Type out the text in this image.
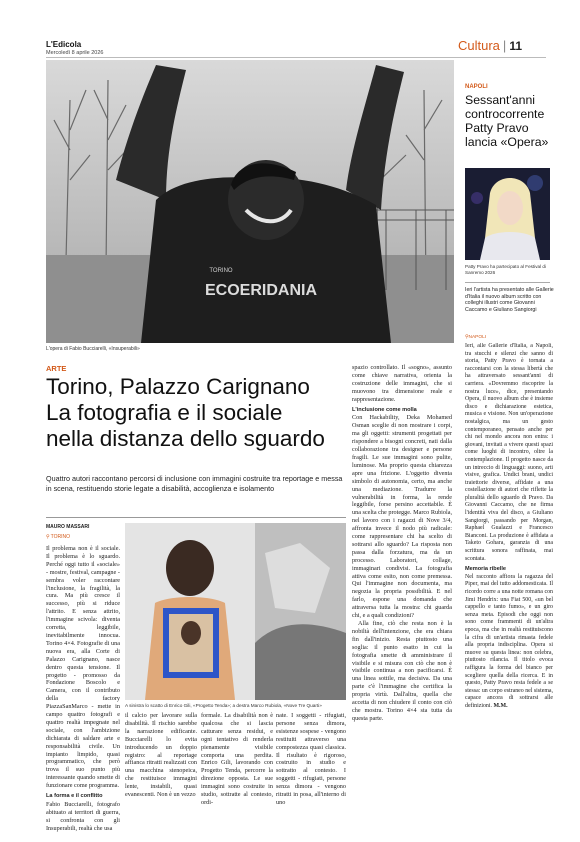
L'Edicola
Mercoledì 8 aprile 2026	Cultura | 11
ECOERIDANIA
TORINO
L'opera di Fabio Bucciarelli, «Insuperabili»
ARTE
Torino, Palazzo Carignano
La fotografia e il sociale
nella distanza dello sguardo
Quattro autori raccontano percorsi di inclusione con immagini costruite tra reportage e messa in scena, restituendo storie legate a disabilità, accoglienza e isolamento
MAURO MASSARI
⚲TORINO

Il problema non è il sociale. Il problema è lo sguardo. Perché oggi tutto il «sociale» - mostre, festival, campagne - sembra voler raccontare l'inclusione, la fragilità, la cura. Ma più cresce il successo, più si riduce l'attrito. E senza attrito, l'immagine scivola: diventa corretta, leggibile, inevitabilmente innocua. Torino 4×4. Fotografie di una nuova era, alla Corte di Palazzo Carignano, nasce dentro questa tensione. Il progetto - promosso da Fondazione Boscolo e Camera, con il contributo della factory PiazzaSanMarco - mette in campo quattro fotografi e quattro realtà impegnate nel sociale, con l'ambizione dichiarata di saldare arte e responsabilità civile. Un impianto limpido, quasi programmatico, che però trova il suo punto più interessante quando smette di funzionare come programma.

La forma e il conflitto

Fabio Bucciarelli, fotografo abituato ai territori di guerra, si confronta con gli Insuperabili, realtà che usa

A sinistra lo scatto di Enrico Gili, «Progetto Tenda»; a destra Marco Rubiola, «Nove Tre Quarti»

il calcio per lavorare sulla disabilità. Il rischio sarebbe la narrazione edificante. Bucciarelli lo evita introducendo un doppio registro: al reportage affianca ritratti realizzati con una macchina stenopeica, che restituisce immagini lente, instabili, quasi evanescenti. Non è un vezzo

formale. La disabilità non è qualcosa che si lascia catturare senza residui, e ogni tentativo di renderla pienamente visibile comporta una perdita. Enrico Gili, lavorando con Progetto Tenda, percorre la direzione opposta. Le sue immagini sono costruite in studio, sottratte al contesto, ordi-

nate. I soggetti - rifugiati, persone senza dimora, esistenze sospese - vengono restituiti attraverso una compostezza quasi classica. Il risultato è rigoroso, costruito in studio e sottratto al contesto. I soggetti - rifugiati, persone senza dimora - vengono ritratti in posa, all'interno di uno

spazio controllato. Il «sogno», assunto come chiave narrativa, orienta la costruzione delle immagini, che si muovono tra dimensione reale e rappresentazione.

L'inclusione come molla

Con Hackability, Deka Mohamed Osman sceglie di non mostrare i corpi, ma gli oggetti: strumenti progettati per rispondere a bisogni concreti, nati dalla collaborazione tra designer e persone fragili. Le sue immagini sono pulite, luminose. Ma proprio questa chiarezza apre una frizione. L'oggetto diventa simbolo di autonomia, certo, ma anche una mediazione. Tradurre la vulnerabilità in forma, la rende leggibile, forse persino accettabile. È una scelta che protegge. Marco Rubiola, nel lavoro con i ragazzi di Nove 3/4, affronta invece il nodo più radicale: come rappresentare chi ha scelto di sottrarsi allo sguardo? La risposta non passa dalla forzatura, ma da un processo. Laboratori, collage, immaginari condivisi. La fotografia attiva come esito, non come premessa. Qui l'immagine non documenta, ma negozia la propria possibilità. E nel farlo, espone una domanda che attraversa tutta la mostra: chi guarda chi, e a quali condizioni?

Alla fine, ciò che resta non è la nobiltà dell'intenzione, che era chiara fin dall'inizio. Resta piuttosto una soglia: il punto esatto in cui la fotografia smette di amministrare il visibile e si misura con ciò che non è visibile continua a non pacificarsi. È una linea sottile, ma decisiva. Da una parte c'è l'immagine che certifica la propria virtù. Dall'altra, quella che accetta di non chiudere il conto con ciò che mostra. Torino 4×4 sta tutta da questa parte.

NAPOLI
Sessant'anni
controcorrente
Patty Pravo
lancia «Opera»
Patty Pravo ha partecipato al Festival di Sanremo 2026
Ieri l'artista ha presentato alle Gallerie d'Italia il nuovo album scritto con colleghi illustri come Giovanni Caccamo e Giuliano Sangiorgi
⚲NAPOLI

Ieri, alle Gallerie d'Italia, a Napoli, tra stucchi e silenzi che sanno di storia, Patty Pravo è tornata a raccontarsi con la stessa libertà che ha attraversato sessant'anni di carriera. «Dovremmo riscoprire la nostra luce», dice, presentando Opera, il nuovo album che è insieme disco e dichiarazione estetica, musica e visione. Non un'operazione nostalgica, ma un gesto contemporaneo, pensato anche per chi nel mondo ancora non entra: i giovani, invitati a vivere questi spazi come luoghi di incontro, oltre la contemplazione. Il progetto nasce da un intreccio di linguaggi: suono, arti visive, grafica. Undici brani, undici traiettorie diverse, affidate a una costellazione di autori che riflette la pluralità dello sguardo di Pravo. Da Giovanni Caccamo, che ne firma l'identità viva del disco, a Giuliano Sangiorgi, passando per Morgan, Raphael Gualazzi e Francesco Bianconi. La produzione è affidata a Taketo Gohara, garanzia di una scrittura sonora raffinata, mai scontata.

Memoria ribelle

Nel racconto affiora la ragazza del Piper, mai del tutto addomesticata. Il ricordo corre a una notte romana con Jimi Hendrix: una Fiat 500, «un bel cappello e tanto fumo», e un giro senza meta. Episodi che oggi non sono come frammenti di un'altra epoca, ma che in realtà restituiscono la cifra di un'artista rimasta fedele alla propria indisciplina. Opera si muove su questa linea: non celebra, piuttosto rilancia. Il titolo evoca raffigura la forma del bianco per scegliere quella della ricerca. E in questo, Patty Pravo resta fedele a se stessa: un corpo estraneo nel sistema, capace ancora di sottrarsi alle definizioni. M.M.
